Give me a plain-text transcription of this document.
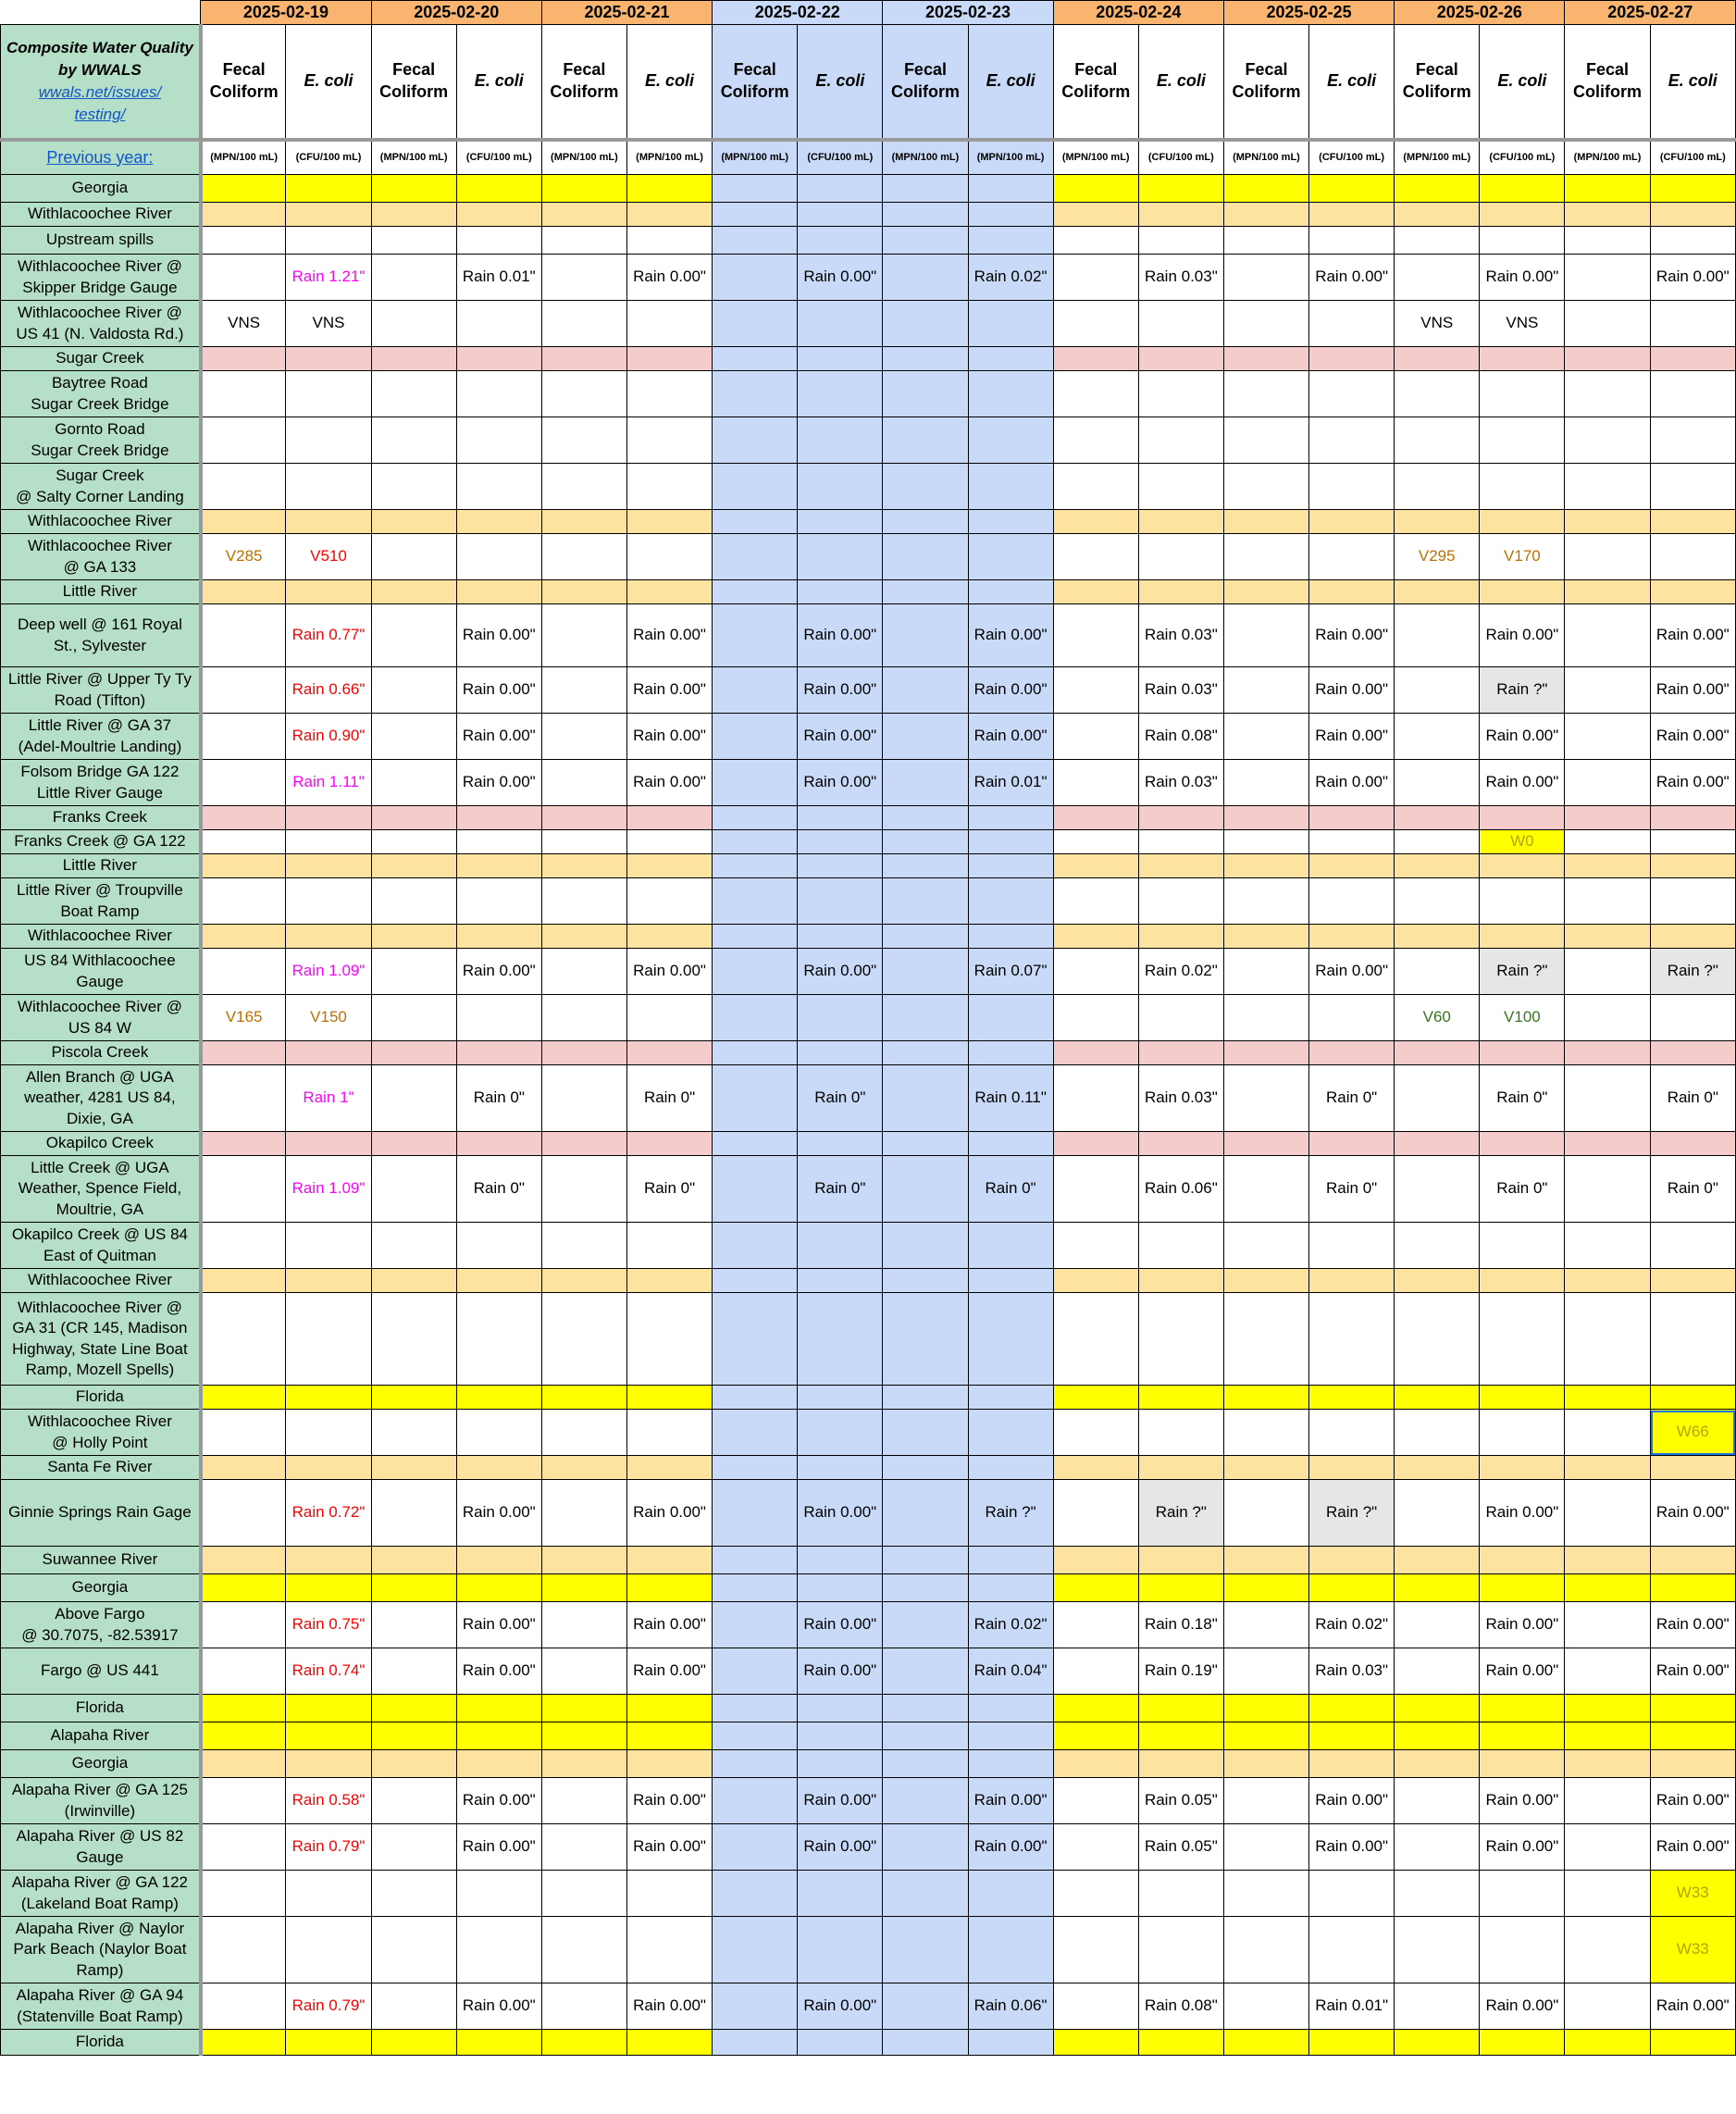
	2025-02-19		2025-02-20		2025-02-21		2025-02-22		2025-02-23		2025-02-24		2025-02-25		2025-02-26		2025-02-27	
Composite Water Quality
by WWALS
wwals.net/issues/
testing/	Fecal
Coliform	E. coli	Fecal
Coliform	E. coli	Fecal
Coliform	E. coli	Fecal
Coliform	E. coli	Fecal
Coliform	E. coli	Fecal
Coliform	E. coli	Fecal
Coliform	E. coli	Fecal
Coliform	E. coli	Fecal
Coliform	E. coli
Previous year:	(MPN/100 mL)	(CFU/100 mL)	(MPN/100 mL)	(CFU/100 mL)	(MPN/100 mL)	(MPN/100 mL)	(MPN/100 mL)	(CFU/100 mL)	(MPN/100 mL)	(MPN/100 mL)	(MPN/100 mL)	(CFU/100 mL)	(MPN/100 mL)	(CFU/100 mL)	(MPN/100 mL)	(CFU/100 mL)	(MPN/100 mL)	(CFU/100 mL)
Georgia																		
Withlacoochee River																		
Upstream spills																		
Withlacoochee River @
Skipper Bridge Gauge		Rain 1.21"		Rain 0.01"		Rain 0.00"		Rain 0.00"		Rain 0.02"		Rain 0.03"		Rain 0.00"		Rain 0.00"		Rain 0.00"
Withlacoochee River @
US 41 (N. Valdosta Rd.)	VNS	VNS													VNS	VNS		
Sugar Creek																		
Baytree Road
Sugar Creek Bridge																		
Gornto Road
Sugar Creek Bridge																		
Sugar Creek
@ Salty Corner Landing																		
Withlacoochee River																		
Withlacoochee River
@ GA 133	V285	V510													V295	V170		
Little River																		
Deep well @ 161 Royal
St., Sylvester		Rain 0.77"		Rain 0.00"		Rain 0.00"		Rain 0.00"		Rain 0.00"		Rain 0.03"		Rain 0.00"		Rain 0.00"		Rain 0.00"
Little River @ Upper Ty Ty
Road (Tifton)		Rain 0.66"		Rain 0.00"		Rain 0.00"		Rain 0.00"		Rain 0.00"		Rain 0.03"		Rain 0.00"		Rain ?"		Rain 0.00"
Little River @ GA 37
(Adel-Moultrie Landing)		Rain 0.90"		Rain 0.00"		Rain 0.00"		Rain 0.00"		Rain 0.00"		Rain 0.08"		Rain 0.00"		Rain 0.00"		Rain 0.00"
Folsom Bridge GA 122
Little River Gauge		Rain 1.11"		Rain 0.00"		Rain 0.00"		Rain 0.00"		Rain 0.01"		Rain 0.03"		Rain 0.00"		Rain 0.00"		Rain 0.00"
Franks Creek																		
Franks Creek @ GA 122																W0		
Little River																		
Little River @ Troupville
Boat Ramp																		
Withlacoochee River																		
US 84 Withlacoochee
Gauge		Rain 1.09"		Rain 0.00"		Rain 0.00"		Rain 0.00"		Rain 0.07"		Rain 0.02"		Rain 0.00"		Rain ?"		Rain ?"
Withlacoochee River @
US 84 W	V165	V150													V60	V100		
Piscola Creek																		
Allen Branch @ UGA
weather, 4281 US 84,
Dixie, GA		Rain 1"		Rain 0"		Rain 0"		Rain 0"		Rain 0.11"		Rain 0.03"		Rain 0"		Rain 0"		Rain 0"
Okapilco Creek																		
Little Creek @ UGA
Weather, Spence Field,
Moultrie, GA		Rain 1.09"		Rain 0"		Rain 0"		Rain 0"		Rain 0"		Rain 0.06"		Rain 0"		Rain 0"		Rain 0"
Okapilco Creek @ US 84
East of Quitman																		
Withlacoochee River																		
Withlacoochee River @
GA 31 (CR 145, Madison
Highway, State Line Boat
Ramp, Mozell Spells)																		
Florida																		
Withlacoochee River
@ Holly Point																		W66
Santa Fe River																		
Ginnie Springs Rain Gage		Rain 0.72"		Rain 0.00"		Rain 0.00"		Rain 0.00"		Rain ?"		Rain ?"		Rain ?"		Rain 0.00"		Rain 0.00"
Suwannee River																		
Georgia																		
Above Fargo
@ 30.7075, -82.53917		Rain 0.75"		Rain 0.00"		Rain 0.00"		Rain 0.00"		Rain 0.02"		Rain 0.18"		Rain 0.02"		Rain 0.00"		Rain 0.00"
Fargo @ US 441		Rain 0.74"		Rain 0.00"		Rain 0.00"		Rain 0.00"		Rain 0.04"		Rain 0.19"		Rain 0.03"		Rain 0.00"		Rain 0.00"
Florida																		
Alapaha River																		
Georgia																		
Alapaha River @ GA 125
(Irwinville)		Rain 0.58"		Rain 0.00"		Rain 0.00"		Rain 0.00"		Rain 0.00"		Rain 0.05"		Rain 0.00"		Rain 0.00"		Rain 0.00"
Alapaha River @ US 82
Gauge		Rain 0.79"		Rain 0.00"		Rain 0.00"		Rain 0.00"		Rain 0.00"		Rain 0.05"		Rain 0.00"		Rain 0.00"		Rain 0.00"
Alapaha River @ GA 122
(Lakeland Boat Ramp)																		W33
Alapaha River @ Naylor
Park Beach (Naylor Boat
Ramp)																		W33
Alapaha River @ GA 94
(Statenville Boat Ramp)		Rain 0.79"		Rain 0.00"		Rain 0.00"		Rain 0.00"		Rain 0.06"		Rain 0.08"		Rain 0.01"		Rain 0.00"		Rain 0.00"
Florida																		
